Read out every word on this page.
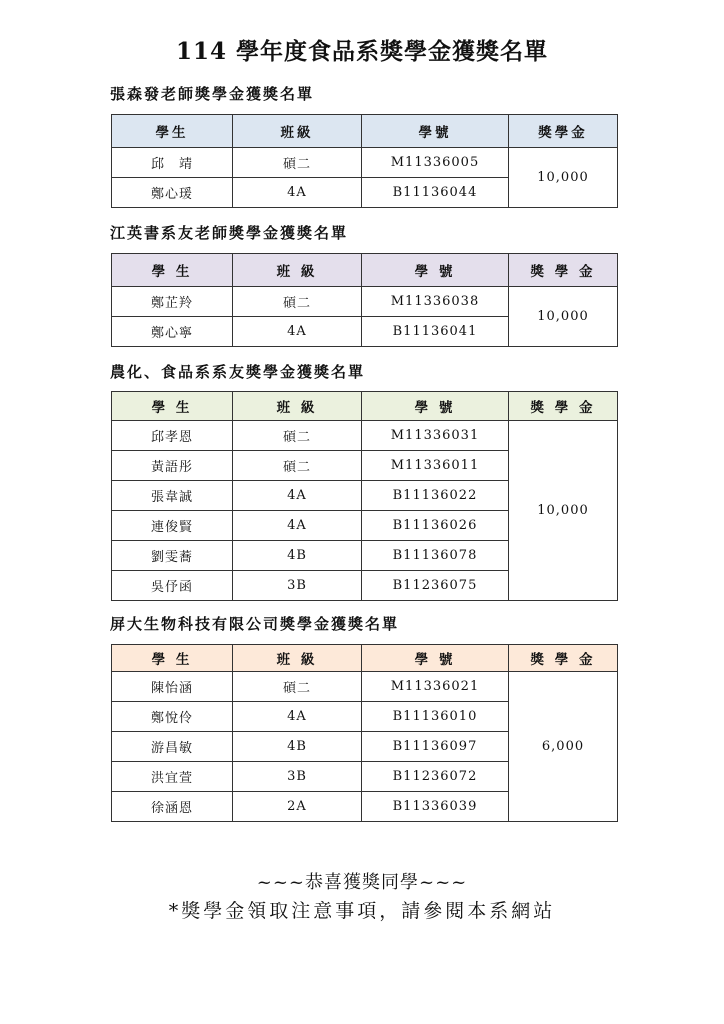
114 學年度食品系獎學金獲獎名單
張森發老師獎學金獲獎名單
學生	班級	學號	獎學金
邱　靖	碩二	M11336005	10,000
鄭心瑗	4A	B11136044	
江英書系友老師獎學金獲獎名單
學 生	班 級	學 號	獎 學 金
鄭芷羚	碩二	M11336038	10,000
鄭心寧	4A	B11136041	
農化、食品系系友獎學金獲獎名單
學 生	班 級	學 號	獎 學 金
邱孝恩	碩二	M11336031	10,000
黃語彤	碩二	M11336011	
張韋誠	4A	B11136022	
連俊賢	4A	B11136026	
劉雯蕎	4B	B11136078	
吳伃函	3B	B11236075	
屏大生物科技有限公司獎學金獲獎名單
學 生	班 級	學 號	獎 學 金
陳怡涵	碩二	M11336021	6,000
鄭悅伶	4A	B11136010	
游昌敏	4B	B11136097	
洪宜萱	3B	B11236072	
徐涵恩	2A	B11336039	
~~~恭喜獲獎同學~~~
*獎學金領取注意事項，請參閱本系網站
